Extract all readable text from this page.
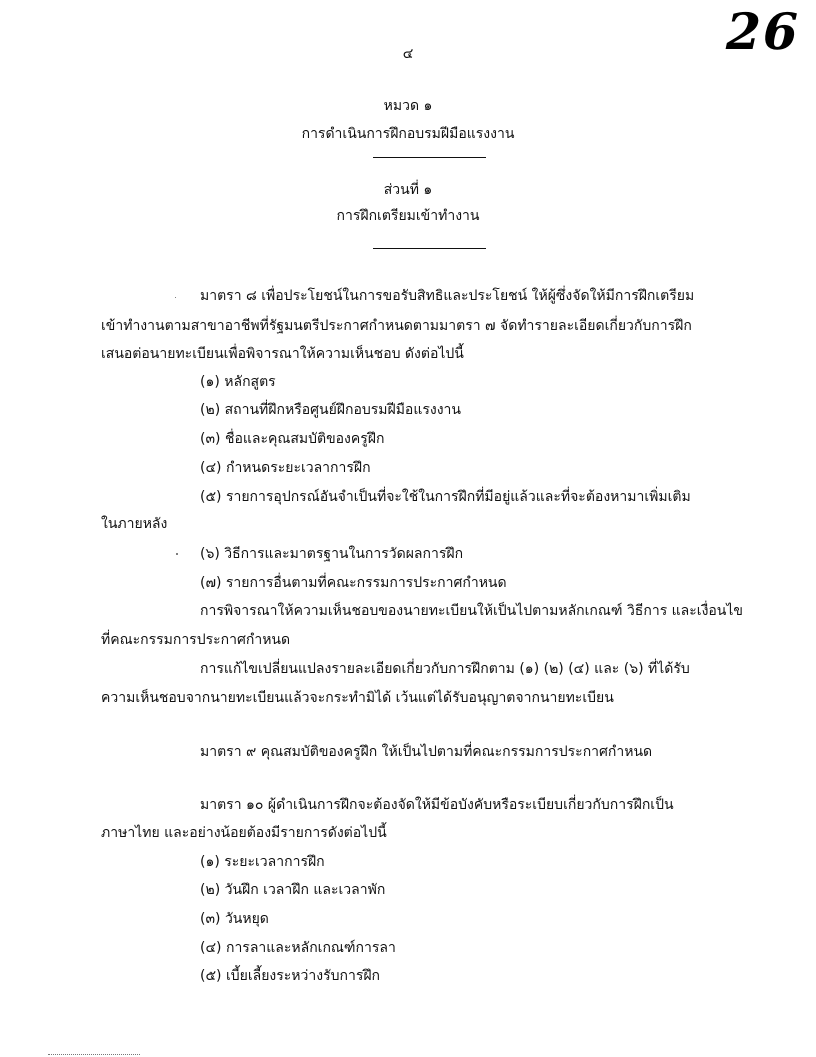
26
๔
หมวด ๑
การดำเนินการฝึกอบรมฝีมือแรงงาน
ส่วนที่ ๑
การฝึกเตรียมเข้าทำงาน
มาตรา ๘ เพื่อประโยชน์ในการขอรับสิทธิและประโยชน์ ให้ผู้ซึ่งจัดให้มีการฝึกเตรียม
เข้าทำงานตามสาขาอาชีพที่รัฐมนตรีประกาศกำหนดตามมาตรา ๗ จัดทำรายละเอียดเกี่ยวกับการฝึก
เสนอต่อนายทะเบียนเพื่อพิจารณาให้ความเห็นชอบ ดังต่อไปนี้
(๑) หลักสูตร
(๒) สถานที่ฝึกหรือศูนย์ฝึกอบรมฝีมือแรงงาน
(๓) ชื่อและคุณสมบัติของครูฝึก
(๔) กำหนดระยะเวลาการฝึก
(๕) รายการอุปกรณ์อันจำเป็นที่จะใช้ในการฝึกที่มีอยู่แล้วและที่จะต้องหามาเพิ่มเติม
ในภายหลัง
(๖) วิธีการและมาตรฐานในการวัดผลการฝึก
(๗) รายการอื่นตามที่คณะกรรมการประกาศกำหนด
การพิจารณาให้ความเห็นชอบของนายทะเบียนให้เป็นไปตามหลักเกณฑ์ วิธีการ และเงื่อนไข
ที่คณะกรรมการประกาศกำหนด
การแก้ไขเปลี่ยนแปลงรายละเอียดเกี่ยวกับการฝึกตาม (๑) (๒) (๔) และ (๖) ที่ได้รับ
ความเห็นชอบจากนายทะเบียนแล้วจะกระทำมิได้ เว้นแต่ได้รับอนุญาตจากนายทะเบียน
มาตรา ๙ คุณสมบัติของครูฝึก ให้เป็นไปตามที่คณะกรรมการประกาศกำหนด
มาตรา ๑๐ ผู้ดำเนินการฝึกจะต้องจัดให้มีข้อบังคับหรือระเบียบเกี่ยวกับการฝึกเป็น
ภาษาไทย และอย่างน้อยต้องมีรายการดังต่อไปนี้
(๑) ระยะเวลาการฝึก
(๒) วันฝึก เวลาฝึก และเวลาพัก
(๓) วันหยุด
(๔) การลาและหลักเกณฑ์การลา
(๕) เบี้ยเลี้ยงระหว่างรับการฝึก
